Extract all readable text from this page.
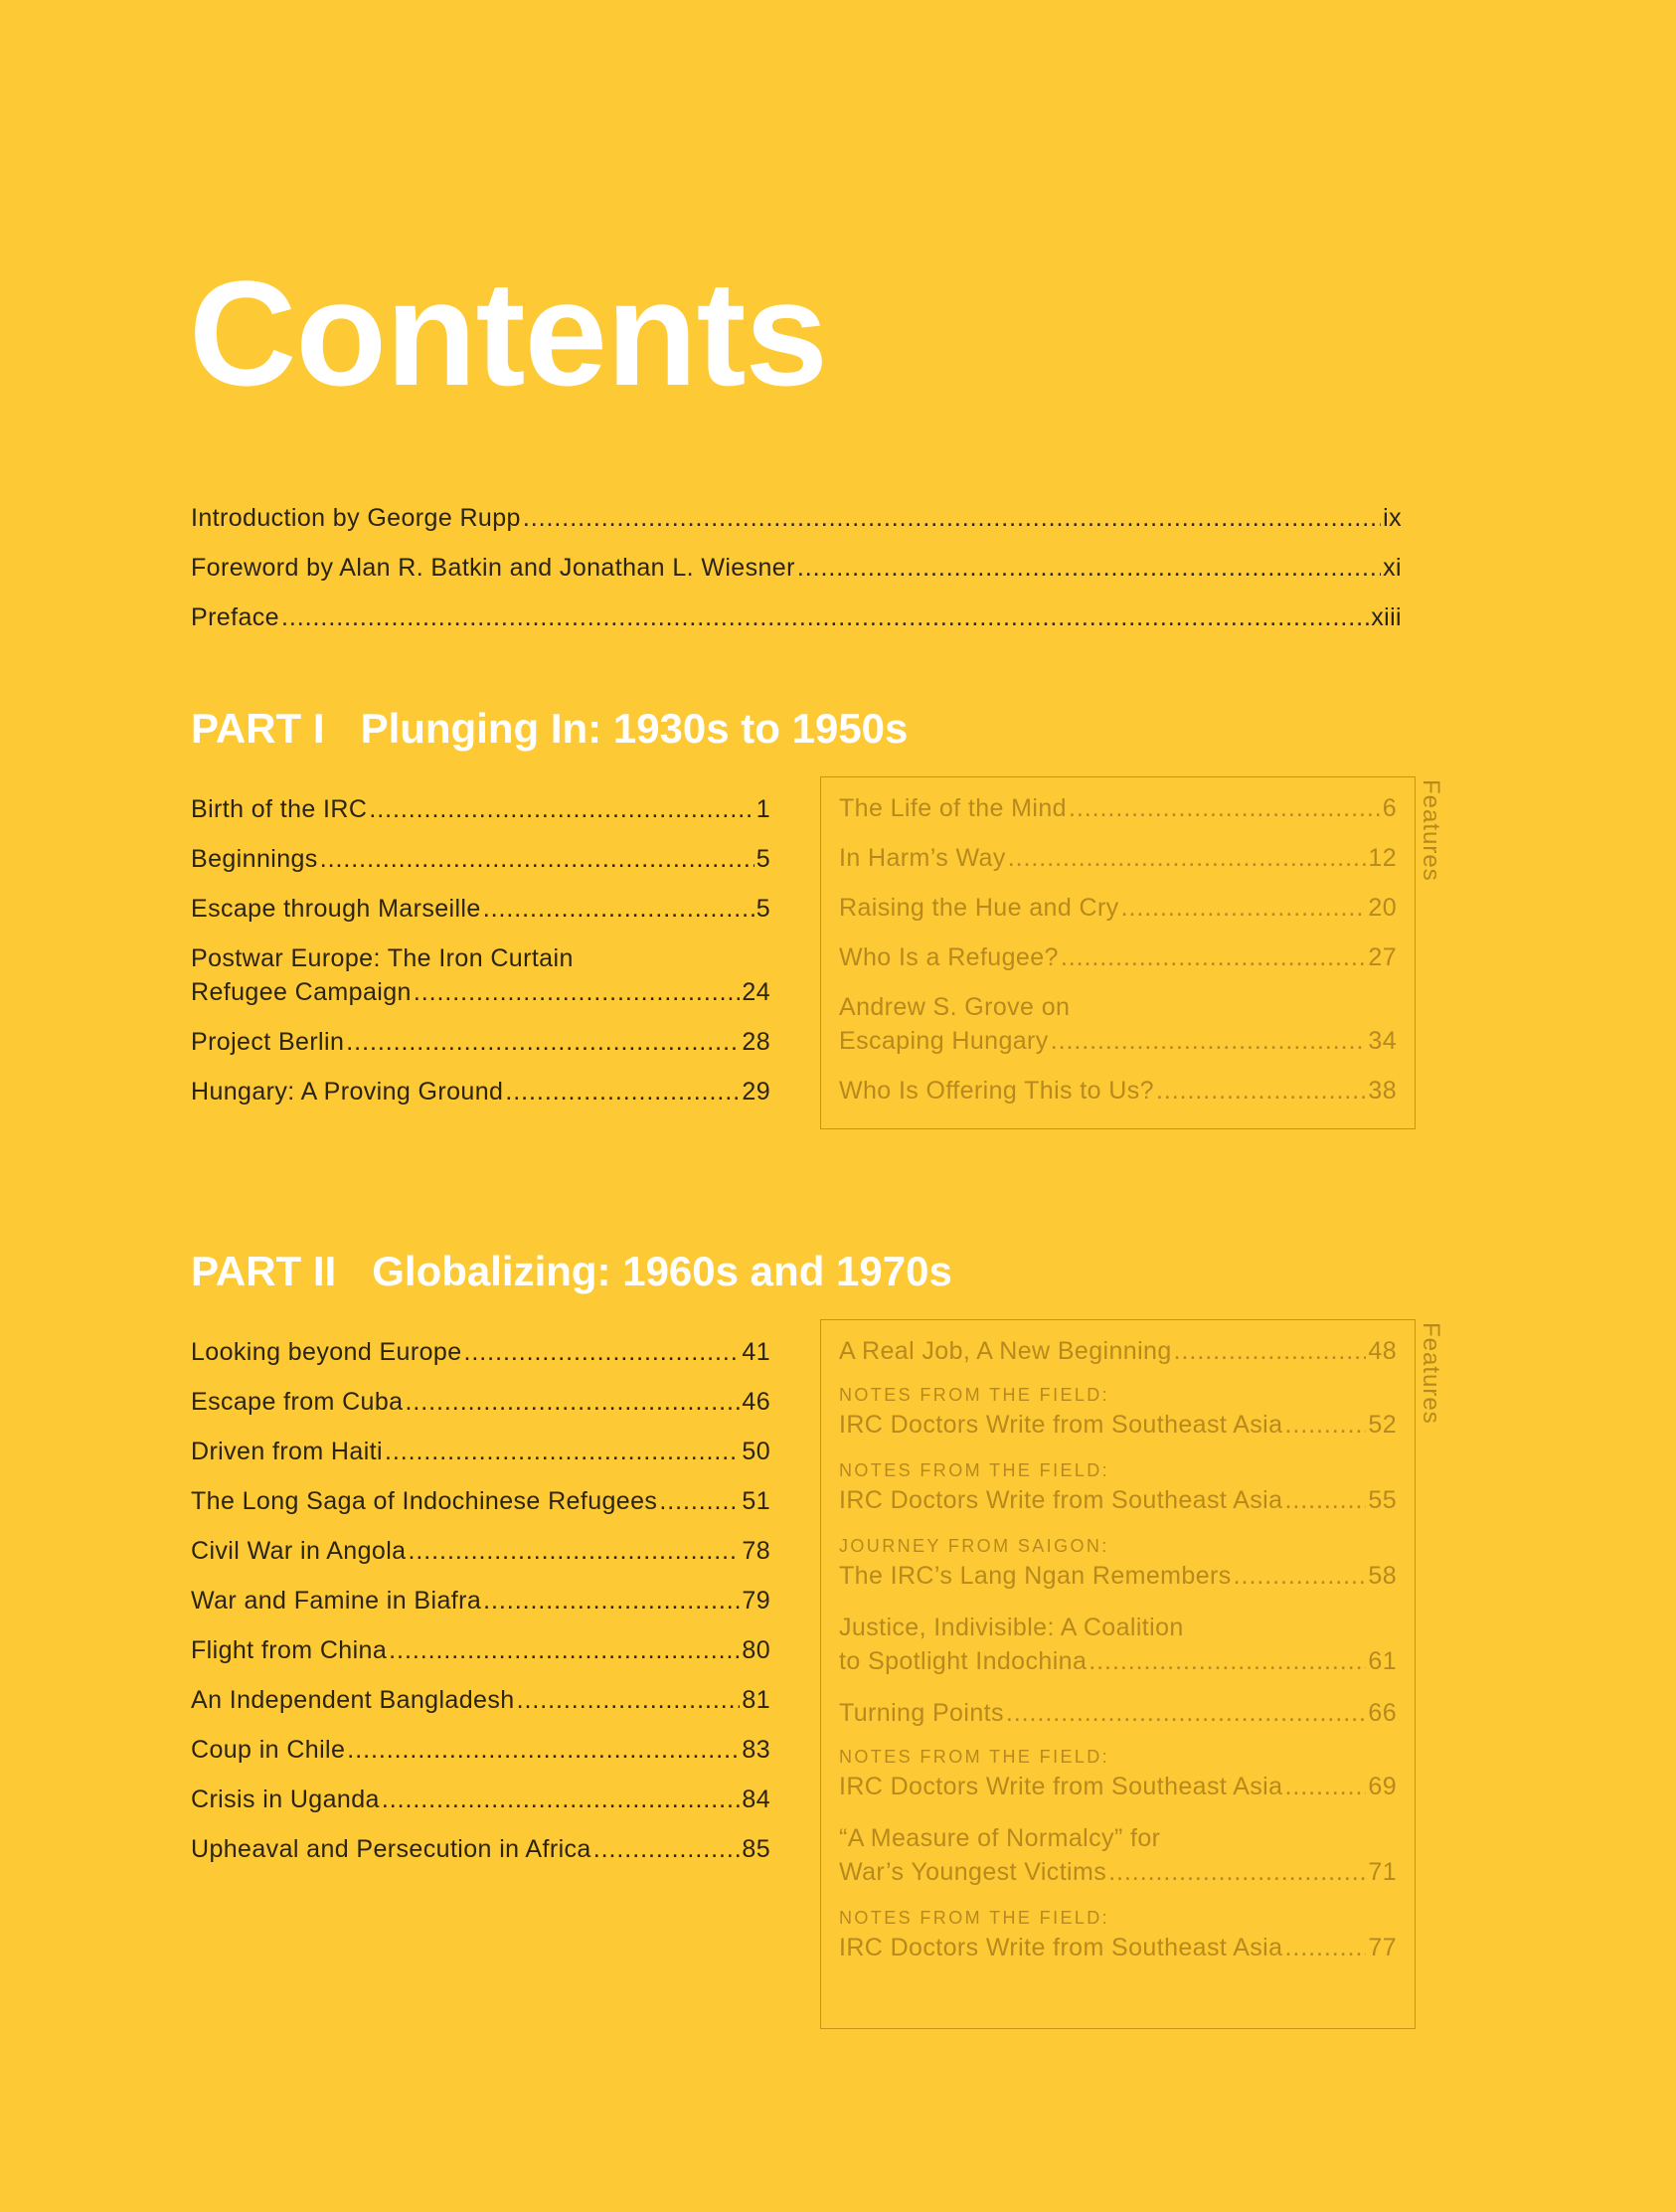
Contents
Introduction by George Rupp . . .	ix
Foreword by Alan R. Batkin and Jonathan L. Wiesner . . .	xi
Preface . . .	xiii
PART I Plunging In: 1930s to 1950s
Birth of the IRC . . .	1
Beginnings . . .	5
Escape through Marseille . . .	5
Postwar Europe: The Iron Curtain
Refugee Campaign . . .	24
Project Berlin . . .	28
Hungary: A Proving Ground . . .	29
The Life of the Mind . . .	6
In Harm’s Way . . .	12
Raising the Hue and Cry . . .	20
Who Is a Refugee? . . .	27
Andrew S. Grove on
Escaping Hungary . . .	34
Who Is Offering This to Us? . . .	38
Features
PART II Globalizing: 1960s and 1970s
Looking beyond Europe . . .	41
Escape from Cuba . . .	46
Driven from Haiti . . .	50
The Long Saga of Indochinese Refugees . . .	51
Civil War in Angola . . .	78
War and Famine in Biafra . . .	79
Flight from China . . .	80
An Independent Bangladesh . . .	81
Coup in Chile . . .	83
Crisis in Uganda . . .	84
Upheaval and Persecution in Africa . . .	85
A Real Job, A New Beginning . . .	48
NOTES FROM THE FIELD:
IRC Doctors Write from Southeast Asia . . .	52
NOTES FROM THE FIELD:
IRC Doctors Write from Southeast Asia . . .	55
JOURNEY FROM SAIGON:
The IRC’s Lang Ngan Remembers . . .	58
Justice, Indivisible: A Coalition
to Spotlight Indochina . . .	61
Turning Points . . .	66
NOTES FROM THE FIELD:
IRC Doctors Write from Southeast Asia . . .	69
“A Measure of Normalcy” for
War’s Youngest Victims . . .	71
NOTES FROM THE FIELD:
IRC Doctors Write from Southeast Asia . . .	77
Features
